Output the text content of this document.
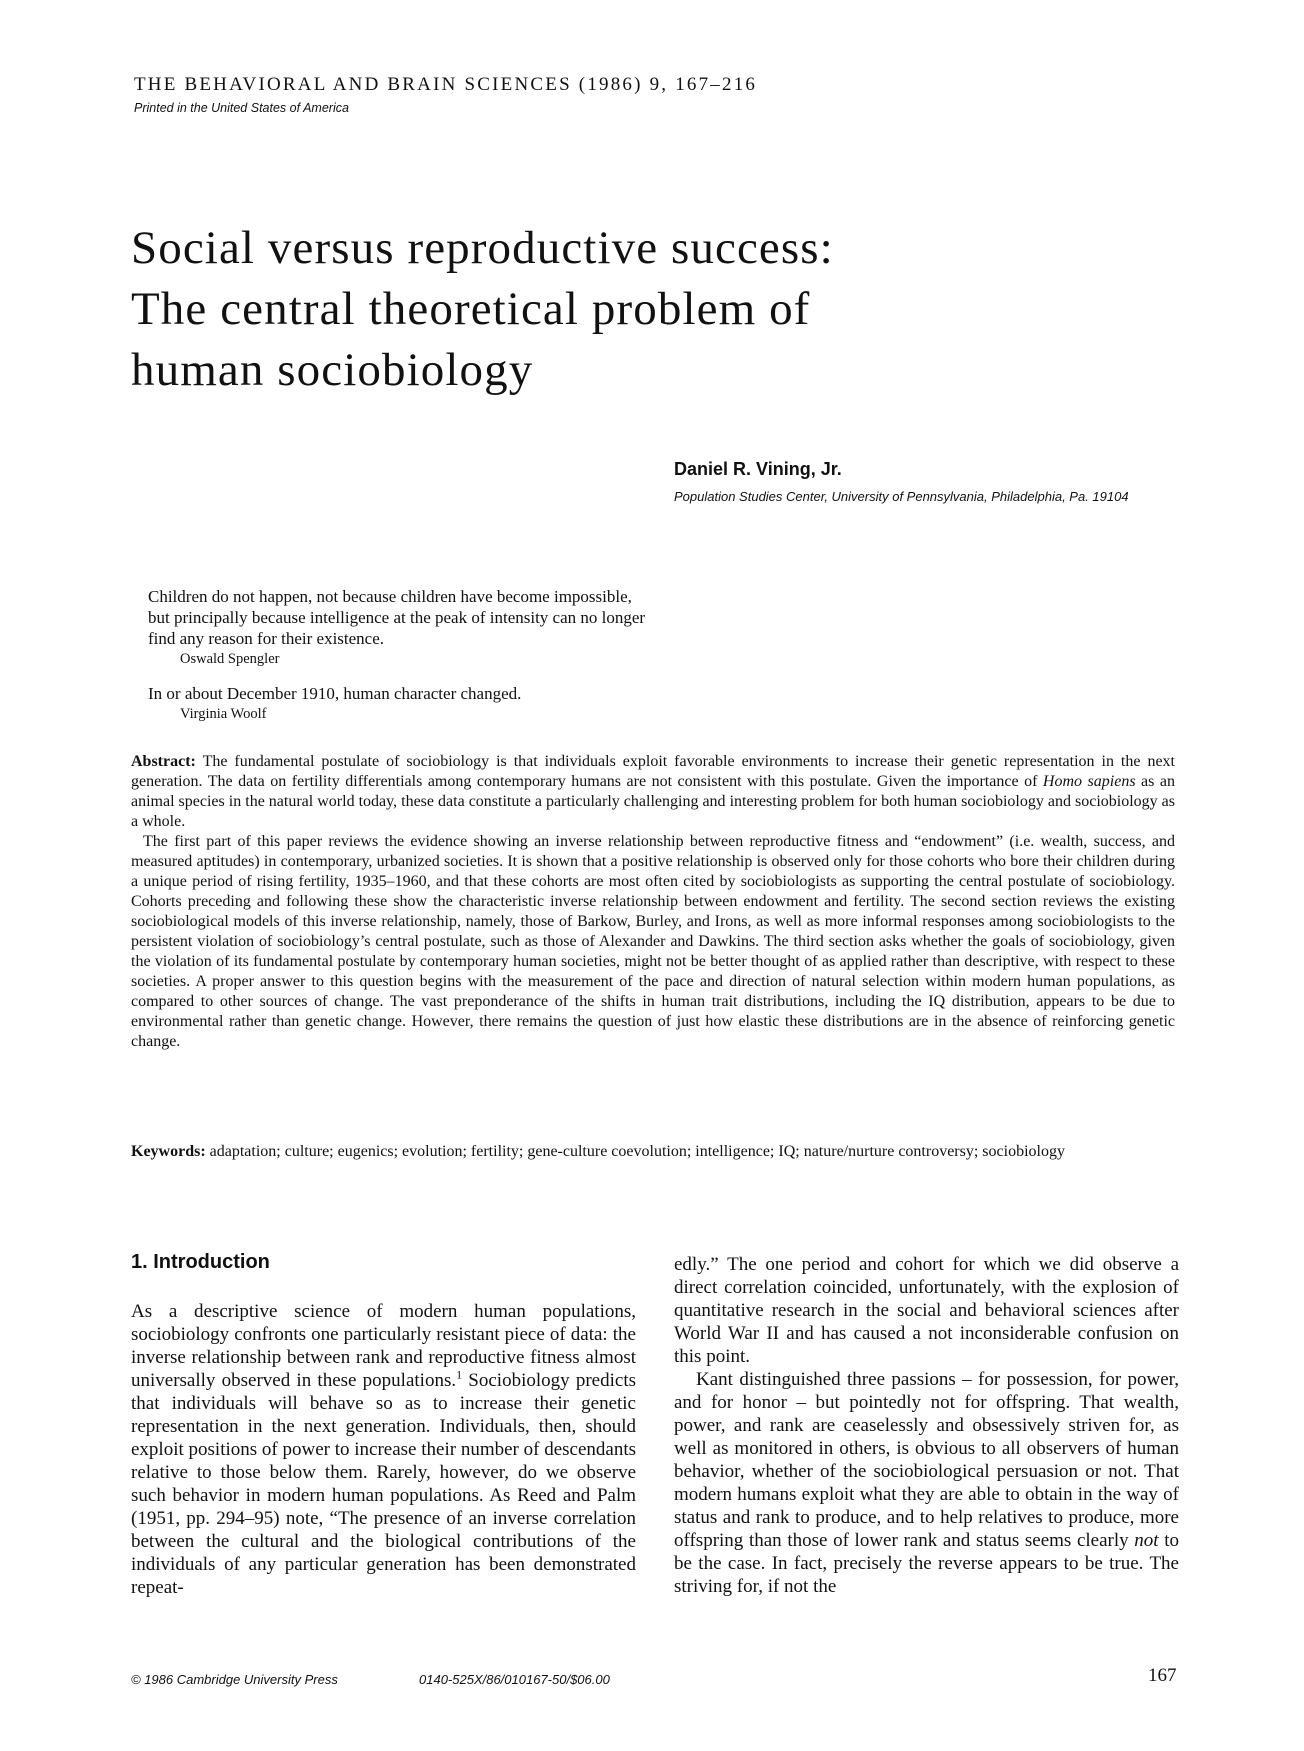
THE BEHAVIORAL AND BRAIN SCIENCES (1986) 9, 167–216

Printed in the United States of America

Social versus reproductive success:
The central theoretical problem of
human sociobiology

Daniel R. Vining, Jr.

Population Studies Center, University of Pennsylvania, Philadelphia, Pa. 19104

Children do not happen, not because children have become impossible, but principally because intelligence at the peak of intensity can no longer find any reason for their existence.

Oswald Spengler

In or about December 1910, human character changed.

Virginia Woolf

Abstract: The fundamental postulate of sociobiology is that individuals exploit favorable environments to increase their genetic representation in the next generation. The data on fertility differentials among contemporary humans are not consistent with this postulate. Given the importance of Homo sapiens as an animal species in the natural world today, these data constitute a particularly challenging and interesting problem for both human sociobiology and sociobiology as a whole.

The first part of this paper reviews the evidence showing an inverse relationship between reproductive fitness and “endowment” (i.e. wealth, success, and measured aptitudes) in contemporary, urbanized societies. It is shown that a positive relationship is observed only for those cohorts who bore their children during a unique period of rising fertility, 1935–1960, and that these cohorts are most often cited by sociobiologists as supporting the central postulate of sociobiology. Cohorts preceding and following these show the characteristic inverse relationship between endowment and fertility. The second section reviews the existing sociobiological models of this inverse relationship, namely, those of Barkow, Burley, and Irons, as well as more informal responses among sociobiologists to the persistent violation of sociobiology’s central postulate, such as those of Alexander and Dawkins. The third section asks whether the goals of sociobiology, given the violation of its fundamental postulate by contemporary human societies, might not be better thought of as applied rather than descriptive, with respect to these societies. A proper answer to this question begins with the measurement of the pace and direction of natural selection within modern human populations, as compared to other sources of change. The vast preponderance of the shifts in human trait distributions, including the IQ distribution, appears to be due to environmental rather than genetic change. However, there remains the question of just how elastic these distributions are in the absence of reinforcing genetic change.

Keywords: adaptation; culture; eugenics; evolution; fertility; gene-culture coevolution; intelligence; IQ; nature/nurture controversy; sociobiology

1. Introduction

As a descriptive science of modern human populations, sociobiology confronts one particularly resistant piece of data: the inverse relationship between rank and reproductive fitness almost universally observed in these populations.$^1$ Sociobiology predicts that individuals will behave so as to increase their genetic representation in the next generation. Individuals, then, should exploit positions of power to increase their number of descendants relative to those below them. Rarely, however, do we observe such behavior in modern human populations. As Reed and Palm (1951, pp. 294–95) note, “The presence of an inverse correlation between the cultural and the biological contributions of the individuals of any particular generation has been demonstrated repeat-

edly.” The one period and cohort for which we did observe a direct correlation coincided, unfortunately, with the explosion of quantitative research in the social and behavioral sciences after World War II and has caused a not inconsiderable confusion on this point.

Kant distinguished three passions – for possession, for power, and for honor – but pointedly not for offspring. That wealth, power, and rank are ceaselessly and obsessively striven for, as well as monitored in others, is obvious to all observers of human behavior, whether of the sociobiological persuasion or not. That modern humans exploit what they are able to obtain in the way of status and rank to produce, and to help relatives to produce, more offspring than those of lower rank and status seems clearly not to be the case. In fact, precisely the reverse appears to be true. The striving for, if not the

© 1986 Cambridge University Press	0140-525X/86/010167-50/$06.00	167
